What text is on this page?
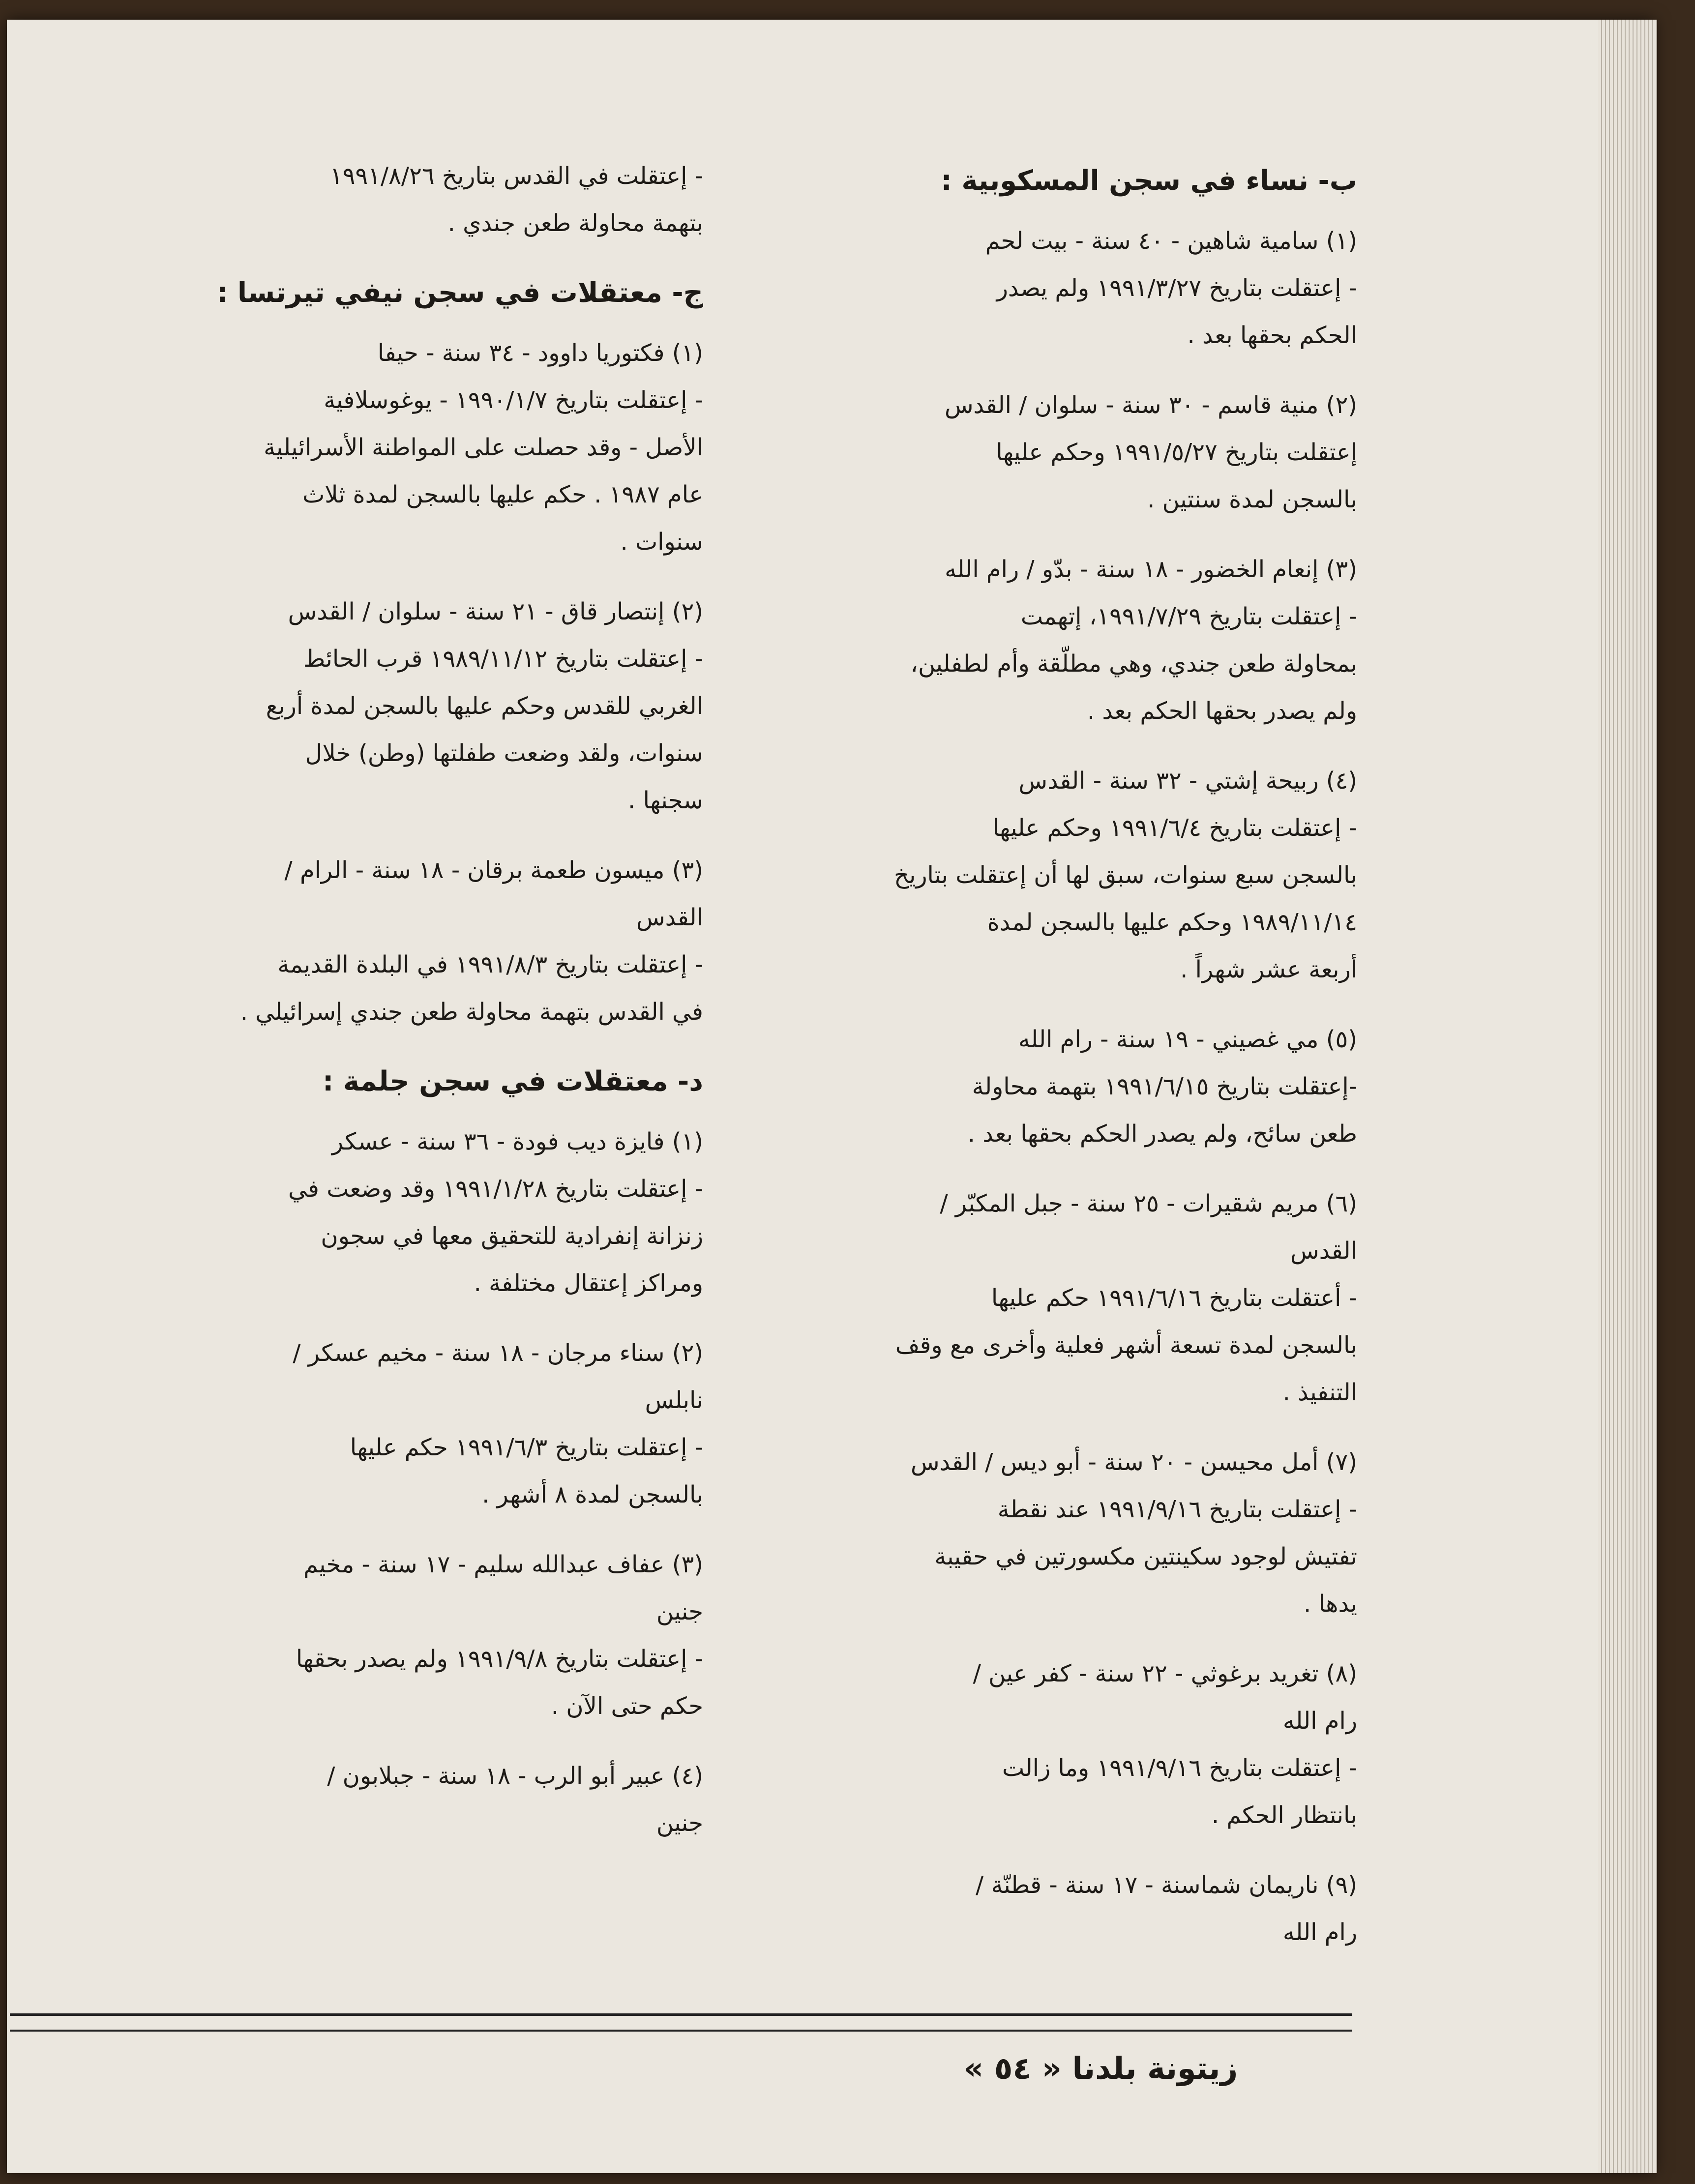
ب- نساء في سجن المسكوبية :

(١) سامية شاهين - ٤٠ سنة - بيت لحم

- إعتقلت بتاريخ ١٩٩١/٣/٢٧ ولم يصدر

الحكم بحقها بعد .

(٢) منية قاسم - ٣٠ سنة - سلوان / القدس

إعتقلت بتاريخ ١٩٩١/٥/٢٧ وحكم عليها

بالسجن لمدة سنتين .

(٣) إنعام الخضور - ١٨ سنة - بدّو / رام الله

- إعتقلت بتاريخ ١٩٩١/٧/٢٩، إتهمت

بمحاولة طعن جندي، وهي مطلّقة وأم لطفلين،

ولم يصدر بحقها الحكم بعد .

(٤) ربيحة إشتي - ٣٢ سنة - القدس

- إعتقلت بتاريخ ١٩٩١/٦/٤ وحكم عليها

بالسجن سبع سنوات، سبق لها أن إعتقلت بتاريخ

١٩٨٩/١١/١٤ وحكم عليها بالسجن لمدة

أربعة عشر شهراً .

(٥) مي غصيني - ١٩ سنة - رام الله

-إعتقلت بتاريخ ١٩٩١/٦/١٥ بتهمة محاولة

طعن سائح، ولم يصدر الحكم بحقها بعد .

(٦) مريم شقيرات - ٢٥ سنة - جبل المكبّر /

القدس

- أعتقلت بتاريخ ١٩٩١/٦/١٦ حكم عليها

بالسجن لمدة تسعة أشهر فعلية وأخرى مع وقف

التنفيذ .

(٧) أمل محيسن - ٢٠ سنة - أبو ديس / القدس

- إعتقلت بتاريخ ١٩٩١/٩/١٦ عند نقطة

تفتيش لوجود سكينتين مكسورتين في حقيبة

يدها .

(٨) تغريد برغوثي - ٢٢ سنة - كفر عين /

رام الله

- إعتقلت بتاريخ ١٩٩١/٩/١٦ وما زالت

بانتظار الحكم .

(٩) ناريمان شماسنة - ١٧ سنة - قطنّة /

رام الله

- إعتقلت في القدس بتاريخ ١٩٩١/٨/٢٦

بتهمة محاولة طعن جندي .

ج- معتقلات في سجن نيفي تيرتسا :

(١) فكتوريا داوود - ٣٤ سنة - حيفا

- إعتقلت بتاريخ ١٩٩٠/١/٧ - يوغوسلافية

الأصل - وقد حصلت على المواطنة الأسرائيلية

عام ١٩٨٧ . حكم عليها بالسجن لمدة ثلاث

سنوات .

(٢) إنتصار قاق - ٢١ سنة - سلوان / القدس

- إعتقلت بتاريخ ١٩٨٩/١١/١٢ قرب الحائط

الغربي للقدس وحكم عليها بالسجن لمدة أربع

سنوات، ولقد وضعت طفلتها (وطن) خلال

سجنها .

(٣) ميسون طعمة برقان - ١٨ سنة - الرام /

القدس

- إعتقلت بتاريخ ١٩٩١/٨/٣ في البلدة القديمة

في القدس بتهمة محاولة طعن جندي إسرائيلي .

د- معتقلات في سجن جلمة :

(١) فايزة ديب فودة - ٣٦ سنة - عسكر

- إعتقلت بتاريخ ١٩٩١/١/٢٨ وقد وضعت في

زنزانة إنفرادية للتحقيق معها في سجون

ومراكز إعتقال مختلفة .

(٢) سناء مرجان - ١٨ سنة - مخيم عسكر /

نابلس

- إعتقلت بتاريخ ١٩٩١/٦/٣ حكم عليها

بالسجن لمدة ٨ أشهر .

(٣) عفاف عبدالله سليم - ١٧ سنة - مخيم

جنين

- إعتقلت بتاريخ ١٩٩١/٩/٨ ولم يصدر بحقها

حكم حتى الآن .

(٤) عبير أبو الرب - ١٨ سنة - جبلابون /

جنين

زيتونة بلدنا « ٥٤ »
